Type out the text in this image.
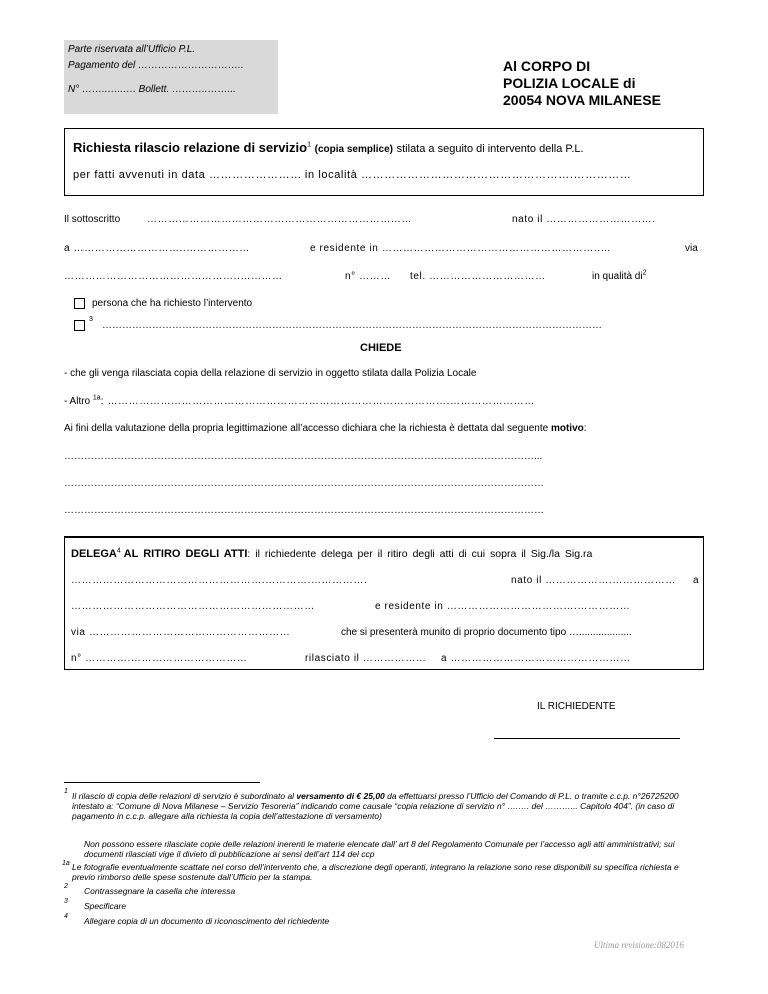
Parte riservata all’Ufficio P.L.
Pagamento del …………………………..
N° ……..…..…. Bollett. ………..……...
Al CORPO DI
POLIZIA LOCALE di
20054 NOVA MILANESE
Richiesta rilascio relazione di servizio$^1$ (copia semplice) stilata a seguito di intervento della P.L.
per fatti avvenuti in data …………………… in località ……………………………………………….……………
Il sottoscritto	…………………………………………………………………	nato il ………………………….
a …………………………..………………	e residente in ……………………………………………………..…	via
…………………………………………..…………	n° ……… tel. ……………………………	in qualità $di^2$
persona che ha richiesto l’intervento
3
……………………………………………………………………………………………………………………………………
CHIEDE
- che gli venga rilasciata copia della relazione di servizio in oggetto stilata dalla Polizia Locale
- Altro $^{1a}$: …………………………………………………………………………………….……………………
Ai fini della valutazione della propria legittimazione all’accesso dichiara che la richiesta è dettata dal seguente motivo:
……………………………………………………………………………………………………………………………...
………………………………………………………………………………………………………………………………
………………………………………………………………………………………………………………………………
DELEGA$^4$ AL RITIRO DEGLI ATTI: il richiedente delega per il ritiro degli atti di cui sopra il Sig./la Sig.ra
……………………………………………….………….…………….	nato il ……………….……………… a
……………………………………………………………	e residente in ……………………………….……………
via …………………………………………………	che si presenterà munito di proprio documento tipo …...................
n° ………….……………………………	rilasciato il ……………… a ……………………………………………
IL RICHIEDENTE
1 Il rilascio di copia delle relazioni di servizio è subordinato al versamento di € 25,00 da effettuarsi presso l’Ufficio del Comando di P.L. o tramite c.c.p. n°26725200 intestato a: “Comune di Nova Milanese – Servizio Tesoreria” indicando come causale “copia relazione di servizio n° ….…. del ………... Capitolo 404”. (in caso di pagamento in c.c.p. allegare alla richiesta la copia dell’attestazione di versamento)
Non possono essere rilasciate copie delle relazioni inerenti le materie elencate dall’ art 8 del Regolamento Comunale per l’accesso agli atti amministrativi; sui documenti rilasciati vige il divieto di pubblicazione ai sensi dell’art 114 del ccp
1a Le fotografie eventualmente scattate nel corso dell’intervento che, a discrezione degli operanti, integrano la relazione sono rese disponibili su specifica richiesta e previo rimborso delle spese sostenute dall’Ufficio per la stampa.
2 Contrassegnare la casella che interessa
3 Specificare
4 Allegare copia di un documento di riconoscimento del richiedente
Ultima revisione:082016
